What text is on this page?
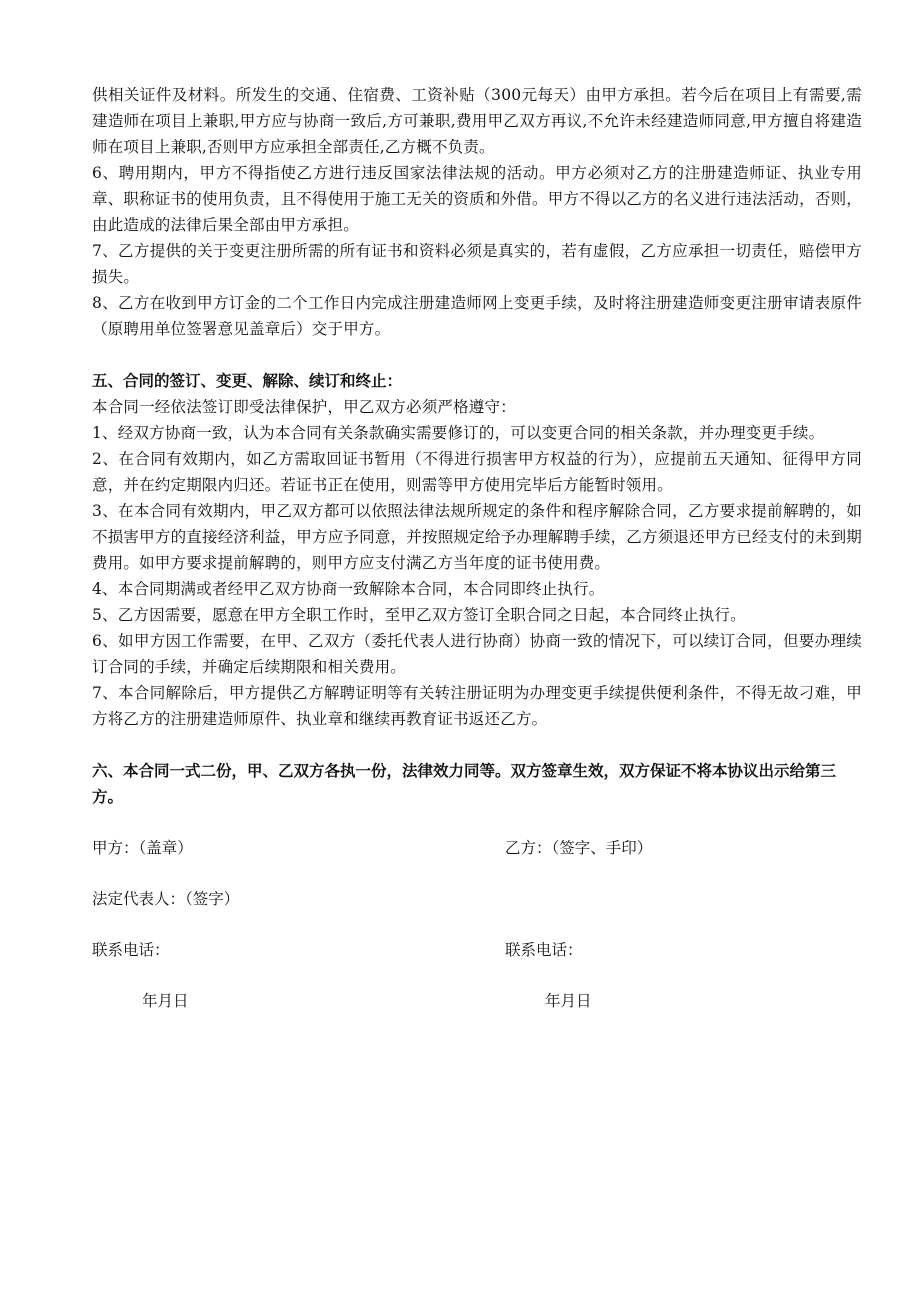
供相关证件及材料。所发生的交通、住宿费、工资补贴（300元每天）由甲方承担。若今后在项目上有需要,需建造师在项目上兼职,甲方应与协商一致后,方可兼职,费用甲乙双方再议,不允许未经建造师同意,甲方擅自将建造师在项目上兼职,否则甲方应承担全部责任,乙方概不负责。

6、聘用期内，甲方不得指使乙方进行违反国家法律法规的活动。甲方必须对乙方的注册建造师证、执业专用章、职称证书的使用负责，且不得使用于施工无关的资质和外借。甲方不得以乙方的名义进行违法活动，否则，由此造成的法律后果全部由甲方承担。

7、乙方提供的关于变更注册所需的所有证书和资料必须是真实的，若有虚假，乙方应承担一切责任，赔偿甲方损失。

8、乙方在收到甲方订金的二个工作日内完成注册建造师网上变更手续，及时将注册建造师变更注册审请表原件（原聘用单位签署意见盖章后）交于甲方。

五、合同的签订、变更、解除、续订和终止：

本合同一经依法签订即受法律保护，甲乙双方必须严格遵守：

1、经双方协商一致，认为本合同有关条款确实需要修订的，可以变更合同的相关条款，并办理变更手续。

2、在合同有效期内，如乙方需取回证书暂用（不得进行损害甲方权益的行为），应提前五天通知、征得甲方同意，并在约定期限内归还。若证书正在使用，则需等甲方使用完毕后方能暂时领用。

3、在本合同有效期内，甲乙双方都可以依照法律法规所规定的条件和程序解除合同，乙方要求提前解聘的，如不损害甲方的直接经济利益，甲方应予同意，并按照规定给予办理解聘手续，乙方须退还甲方已经支付的未到期费用。如甲方要求提前解聘的，则甲方应支付满乙方当年度的证书使用费。

4、本合同期满或者经甲乙双方协商一致解除本合同，本合同即终止执行。

5、乙方因需要，愿意在甲方全职工作时，至甲乙双方签订全职合同之日起，本合同终止执行。

6、如甲方因工作需要，在甲、乙双方（委托代表人进行协商）协商一致的情况下，可以续订合同，但要办理续订合同的手续，并确定后续期限和相关费用。

7、本合同解除后，甲方提供乙方解聘证明等有关转注册证明为办理变更手续提供便利条件，不得无故刁难，甲方将乙方的注册建造师原件、执业章和继续再教育证书返还乙方。

六、本合同一式二份，甲、乙双方各执一份，法律效力同等。双方签章生效，双方保证不将本协议出示给第三方。

甲方：（盖章）	乙方：（签字、手印）
法定代表人：（签字）
联系电话：	联系电话：
年月日	年月日
